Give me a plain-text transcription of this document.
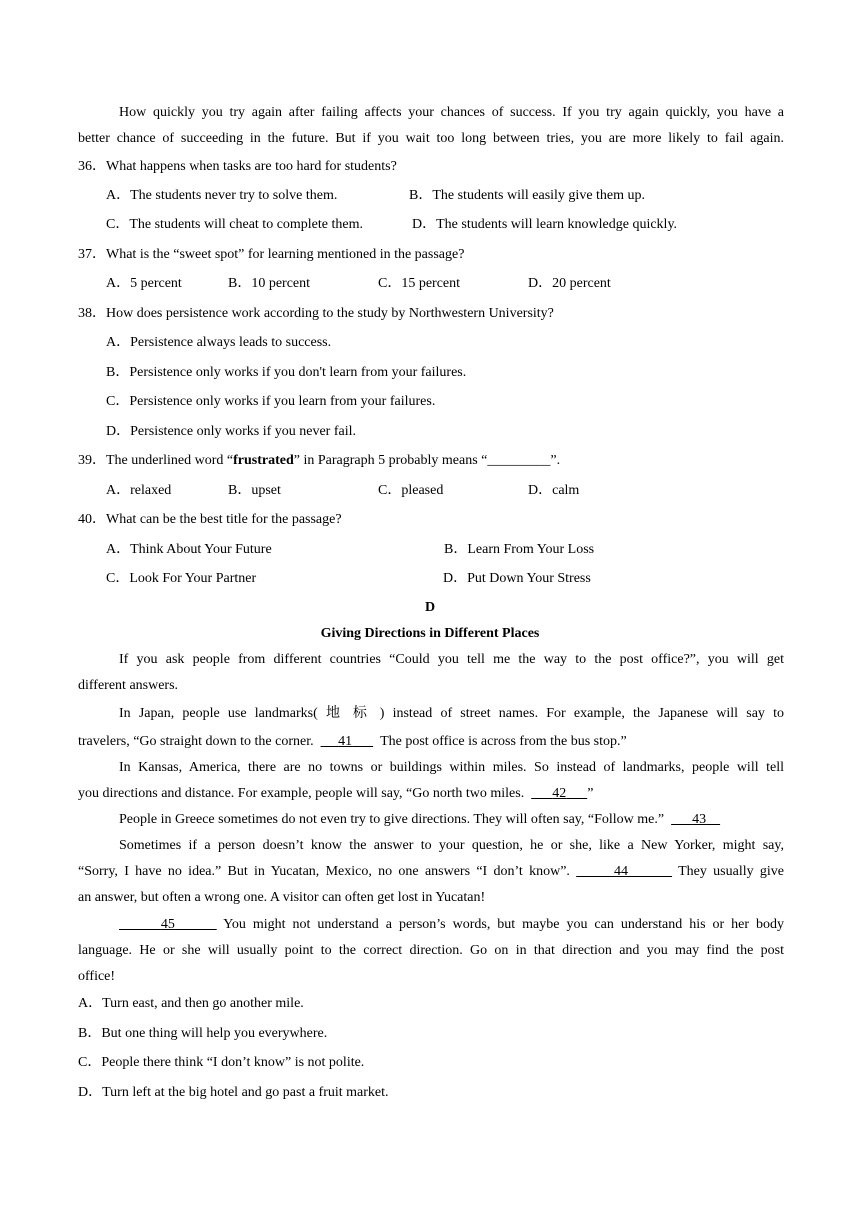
How quickly you try again after failing affects your chances of success. If you try again quickly, you have a
better chance of succeeding in the future. But if you wait too long between tries, you are more likely to fail again.
36．What happens when tasks are too hard for students?
A．The students never try to solve them.	B．The students will easily give them up.
C．The students will cheat to complete them.	D．The students will learn knowledge quickly.
37．What is the “sweet spot” for learning mentioned in the passage?
A．5 percent	B．10 percent	C．15 percent	D．20 percent
38．How does persistence work according to the study by Northwestern University?
A．Persistence always leads to success.
B．Persistence only works if you don't learn from your failures.
C．Persistence only works if you learn from your failures.
D．Persistence only works if you never fail.
39．The underlined word “frustrated” in Paragraph 5 probably means “_________”.
A．relaxed	B．upset	C．pleased	D．calm
40．What can be the best title for the passage?
A．Think About Your Future	B．Learn From Your Loss
C．Look For Your Partner	D．Put Down Your Stress
D
Giving Directions in Different Places
If you ask people from different countries “Could you tell me the way to the post office?”, you will get
different answers.
In Japan, people use landmarks( 地 标 ) instead of street names. For example, the Japanese will say to
travelers, “Go straight down to the corner. 41 The post office is across from the bus stop.”
In Kansas, America, there are no towns or buildings within miles. So instead of landmarks, people will tell
you directions and distance. For example, people will say, “Go north two miles. 42 ”
People in Greece sometimes do not even try to give directions. They will often say, “Follow me.” 43
Sometimes if a person doesn’t know the answer to your question, he or she, like a New Yorker, might say,
“Sorry, I have no idea.” But in Yucatan, Mexico, no one answers “I don’t know”.	44	They usually give
an answer, but often a wrong one. A visitor can often get lost in Yucatan!
45	You might not understand a person’s words, but maybe you can understand his or her body
language. He or she will usually point to the correct direction. Go on in that direction and you may find the post
office!
A．Turn east, and then go another mile.
B．But one thing will help you everywhere.
C．People there think “I don’t know” is not polite.
D．Turn left at the big hotel and go past a fruit market.
